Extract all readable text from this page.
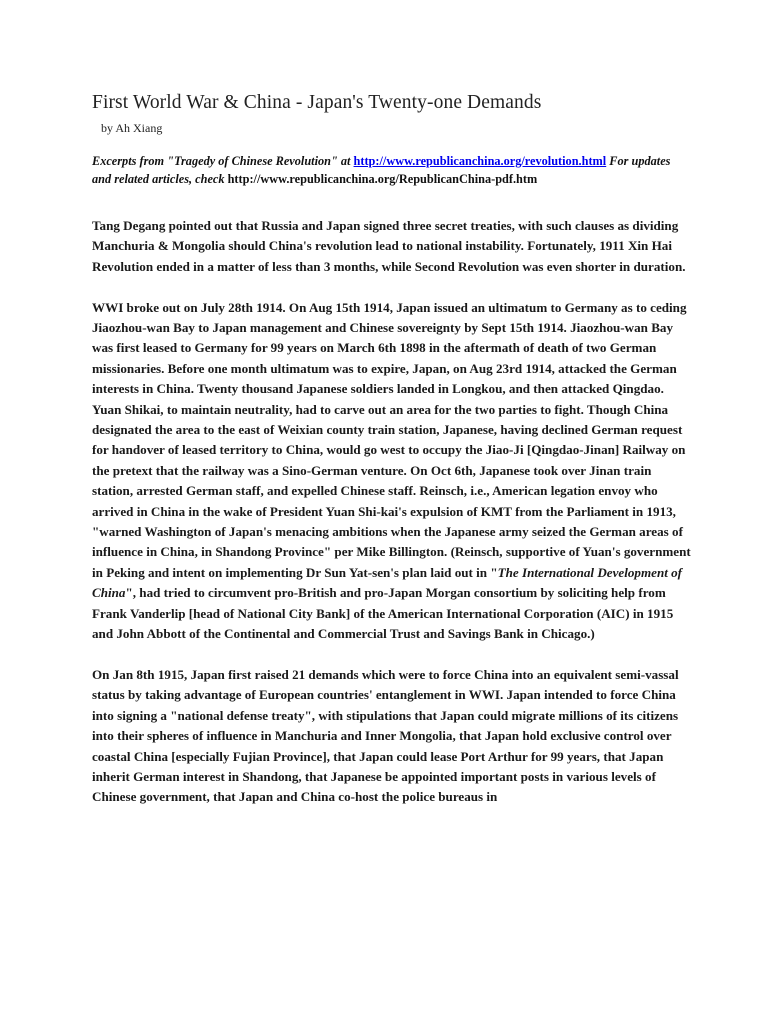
First World War & China - Japan's Twenty-one Demands
by Ah Xiang
Excerpts from "Tragedy of Chinese Revolution" at http://www.republicanchina.org/revolution.html For updates and related articles, check http://www.republicanchina.org/RepublicanChina-pdf.htm

Tang Degang pointed out that Russia and Japan signed three secret treaties, with such clauses as dividing Manchuria & Mongolia should China's revolution lead to national instability. Fortunately, 1911 Xin Hai Revolution ended in a matter of less than 3 months, while Second Revolution was even shorter in duration.

WWI broke out on July 28th 1914. On Aug 15th 1914, Japan issued an ultimatum to Germany as to ceding Jiaozhou-wan Bay to Japan management and Chinese sovereignty by Sept 15th 1914. Jiaozhou-wan Bay was first leased to Germany for 99 years on March 6th 1898 in the aftermath of death of two German missionaries. Before one month ultimatum was to expire, Japan, on Aug 23rd 1914, attacked the German interests in China. Twenty thousand Japanese soldiers landed in Longkou, and then attacked Qingdao. Yuan Shikai, to maintain neutrality, had to carve out an area for the two parties to fight. Though China designated the area to the east of Weixian county train station, Japanese, having declined German request for handover of leased territory to China, would go west to occupy the Jiao-Ji [Qingdao-Jinan] Railway on the pretext that the railway was a Sino-German venture. On Oct 6th, Japanese took over Jinan train station, arrested German staff, and expelled Chinese staff. Reinsch, i.e., American legation envoy who arrived in China in the wake of President Yuan Shi-kai's expulsion of KMT from the Parliament in 1913, "warned Washington of Japan's menacing ambitions when the Japanese army seized the German areas of influence in China, in Shandong Province" per Mike Billington. (Reinsch, supportive of Yuan's government in Peking and intent on implementing Dr Sun Yat-sen's plan laid out in "The International Development of China", had tried to circumvent pro-British and pro-Japan Morgan consortium by soliciting help from Frank Vanderlip [head of National City Bank] of the American International Corporation (AIC) in 1915 and John Abbott of the Continental and Commercial Trust and Savings Bank in Chicago.)

On Jan 8th 1915, Japan first raised 21 demands which were to force China into an equivalent semi-vassal status by taking advantage of European countries' entanglement in WWI. Japan intended to force China into signing a "national defense treaty", with stipulations that Japan could migrate millions of its citizens into their spheres of influence in Manchuria and Inner Mongolia, that Japan hold exclusive control over coastal China [especially Fujian Province], that Japan could lease Port Arthur for 99 years, that Japan inherit German interest in Shandong, that Japanese be appointed important posts in various levels of Chinese government, that Japan and China co-host the police bureaus in
